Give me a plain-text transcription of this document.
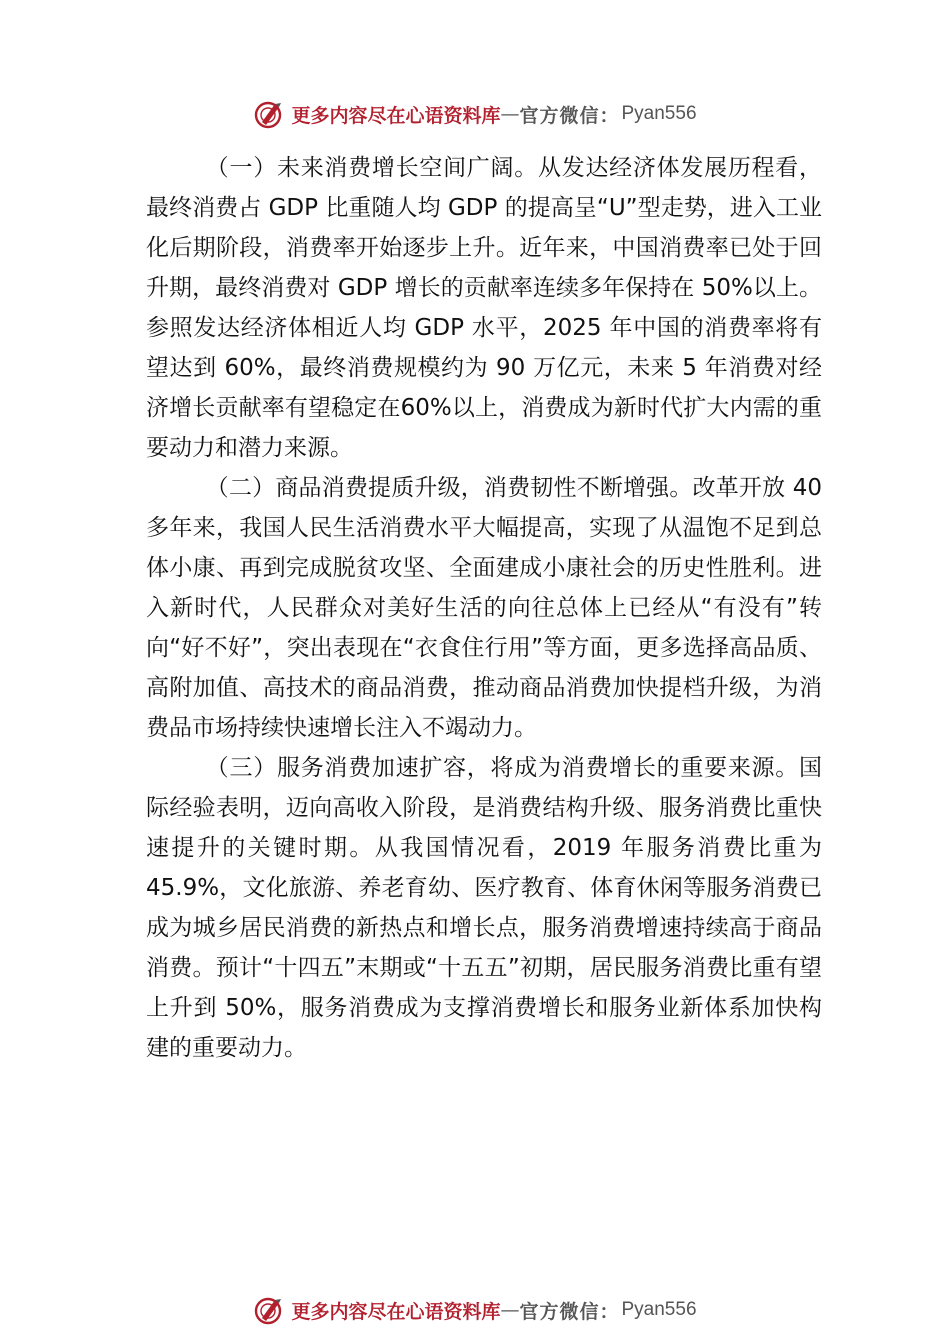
更多内容尽在心语资料库 — 官方微信： Pyan556

（一）未来消费增长空间广阔。从发达经济体发展历程看，最终消费占 GDP 比重随人均 GDP 的提高呈“U”型走势，进入工业化后期阶段，消费率开始逐步上升。近年来，中国消费率已处于回升期，最终消费对 GDP 增长的贡献率连续多年保持在 50%以上。参照发达经济体相近人均 GDP 水平，2025 年中国的消费率将有望达到 60%，最终消费规模约为 90 万亿元，未来 5 年消费对经济增长贡献率有望稳定在60%以上，消费成为新时代扩大内需的重要动力和潜力来源。

（二）商品消费提质升级，消费韧性不断增强。改革开放 40 多年来，我国人民生活消费水平大幅提高，实现了从温饱不足到总体小康、再到完成脱贫攻坚、全面建成小康社会的历史性胜利。进入新时代，人民群众对美好生活的向往总体上已经从“有没有”转向“好不好”，突出表现在“衣食住行用”等方面，更多选择高品质、高附加值、高技术的商品消费，推动商品消费加快提档升级，为消费品市场持续快速增长注入不竭动力。

（三）服务消费加速扩容，将成为消费增长的重要来源。国际经验表明，迈向高收入阶段，是消费结构升级、服务消费比重快速提升的关键时期。从我国情况看，2019 年服务消费比重为 45.9%，文化旅游、养老育幼、医疗教育、体育休闲等服务消费已成为城乡居民消费的新热点和增长点，服务消费增速持续高于商品消费。预计“十四五”末期或“十五五”初期，居民服务消费比重有望上升到 50%，服务消费成为支撑消费增长和服务业新体系加快构建的重要动力。

更多内容尽在心语资料库 — 官方微信： Pyan556
